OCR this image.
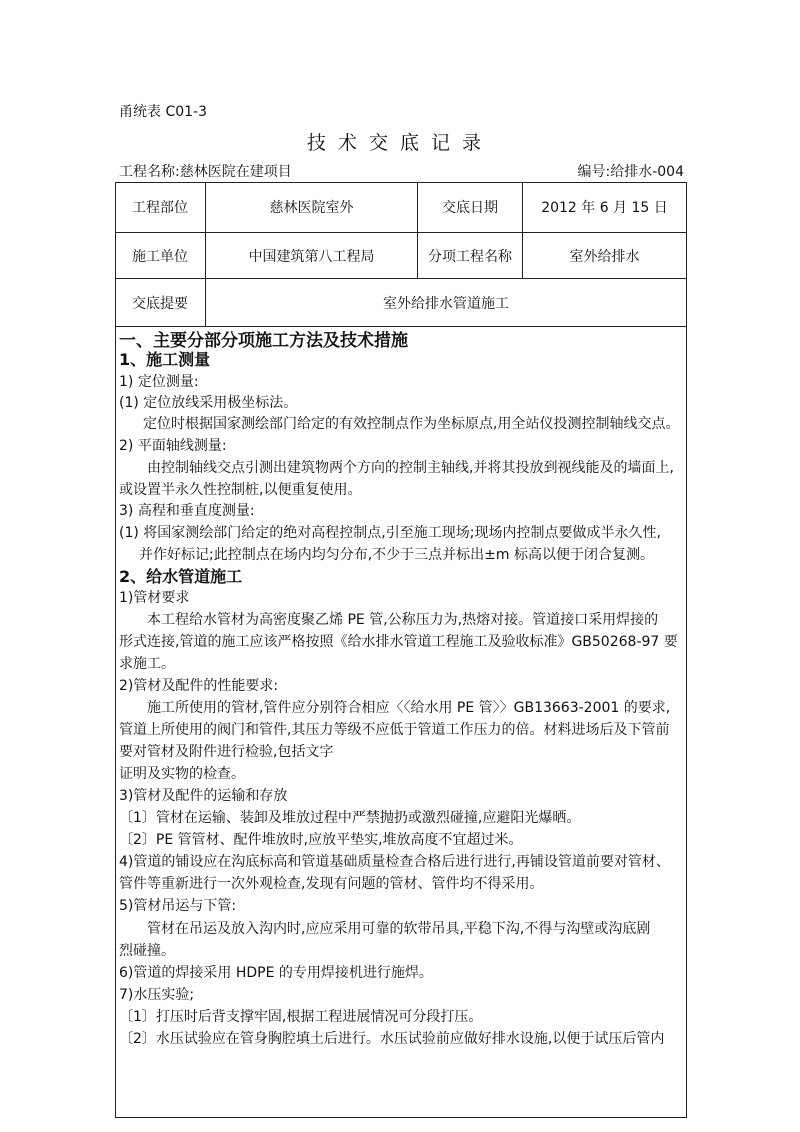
甬统表 C01-3
技术交底记录
工程名称:慈林医院在建项目	编号:给排水-004
工程部位	慈林医院室外	交底日期	2012 年 6 月 15 日
施工单位	中国建筑第八工程局	分项工程名称	室外给排水
交底提要	室外给排水管道施工
一、主要分部分项施工方法及技术措施
1、施工测量
1) 定位测量:
(1) 定位放线采用极坐标法。
定位时根据国家测绘部门给定的有效控制点作为坐标原点,用全站仪投测控制轴线交点。
2) 平面轴线测量:
由控制轴线交点引测出建筑物两个方向的控制主轴线,并将其投放到视线能及的墙面上,
或设置半永久性控制桩,以便重复使用。
3) 高程和垂直度测量:
(1) 将国家测绘部门给定的绝对高程控制点,引至施工现场;现场内控制点要做成半永久性,
并作好标记;此控制点在场内均匀分布,不少于三点并标出±m 标高以便于闭合复测。
2、给水管道施工
1)管材要求
本工程给水管材为高密度聚乙烯 PE 管,公称压力为,热熔对接。管道接口采用焊接的
形式连接,管道的施工应该严格按照《给水排水管道工程施工及验收标准》GB50268-97 要
求施工。
2)管材及配件的性能要求:
施工所使用的管材,管件应分别符合相应〈〈给水用 PE 管〉〉GB13663-2001 的要求,
管道上所使用的阀门和管件,其压力等级不应低于管道工作压力的倍。材料进场后及下管前
要对管材及附件进行检验,包括文字
证明及实物的检查。
3)管材及配件的运输和存放
〔1〕管材在运输、装卸及堆放过程中严禁抛扔或激烈碰撞,应避阳光爆晒。
〔2〕PE 管管材、配件堆放时,应放平垫实,堆放高度不宜超过米。
4)管道的铺设应在沟底标高和管道基础质量检查合格后进行进行,再铺设管道前要对管材、
管件等重新进行一次外观检查,发现有问题的管材、管件均不得采用。
5)管材吊运与下管:
管材在吊运及放入沟内时,应应采用可靠的软带吊具,平稳下沟,不得与沟壁或沟底剧
烈碰撞。
6)管道的焊接采用 HDPE 的专用焊接机进行施焊。
7)水压实验;
〔1〕打压时后背支撑牢固,根据工程进展情况可分段打压。
〔2〕水压试验应在管身胸腔填土后进行。水压试验前应做好排水设施,以便于试压后管内
